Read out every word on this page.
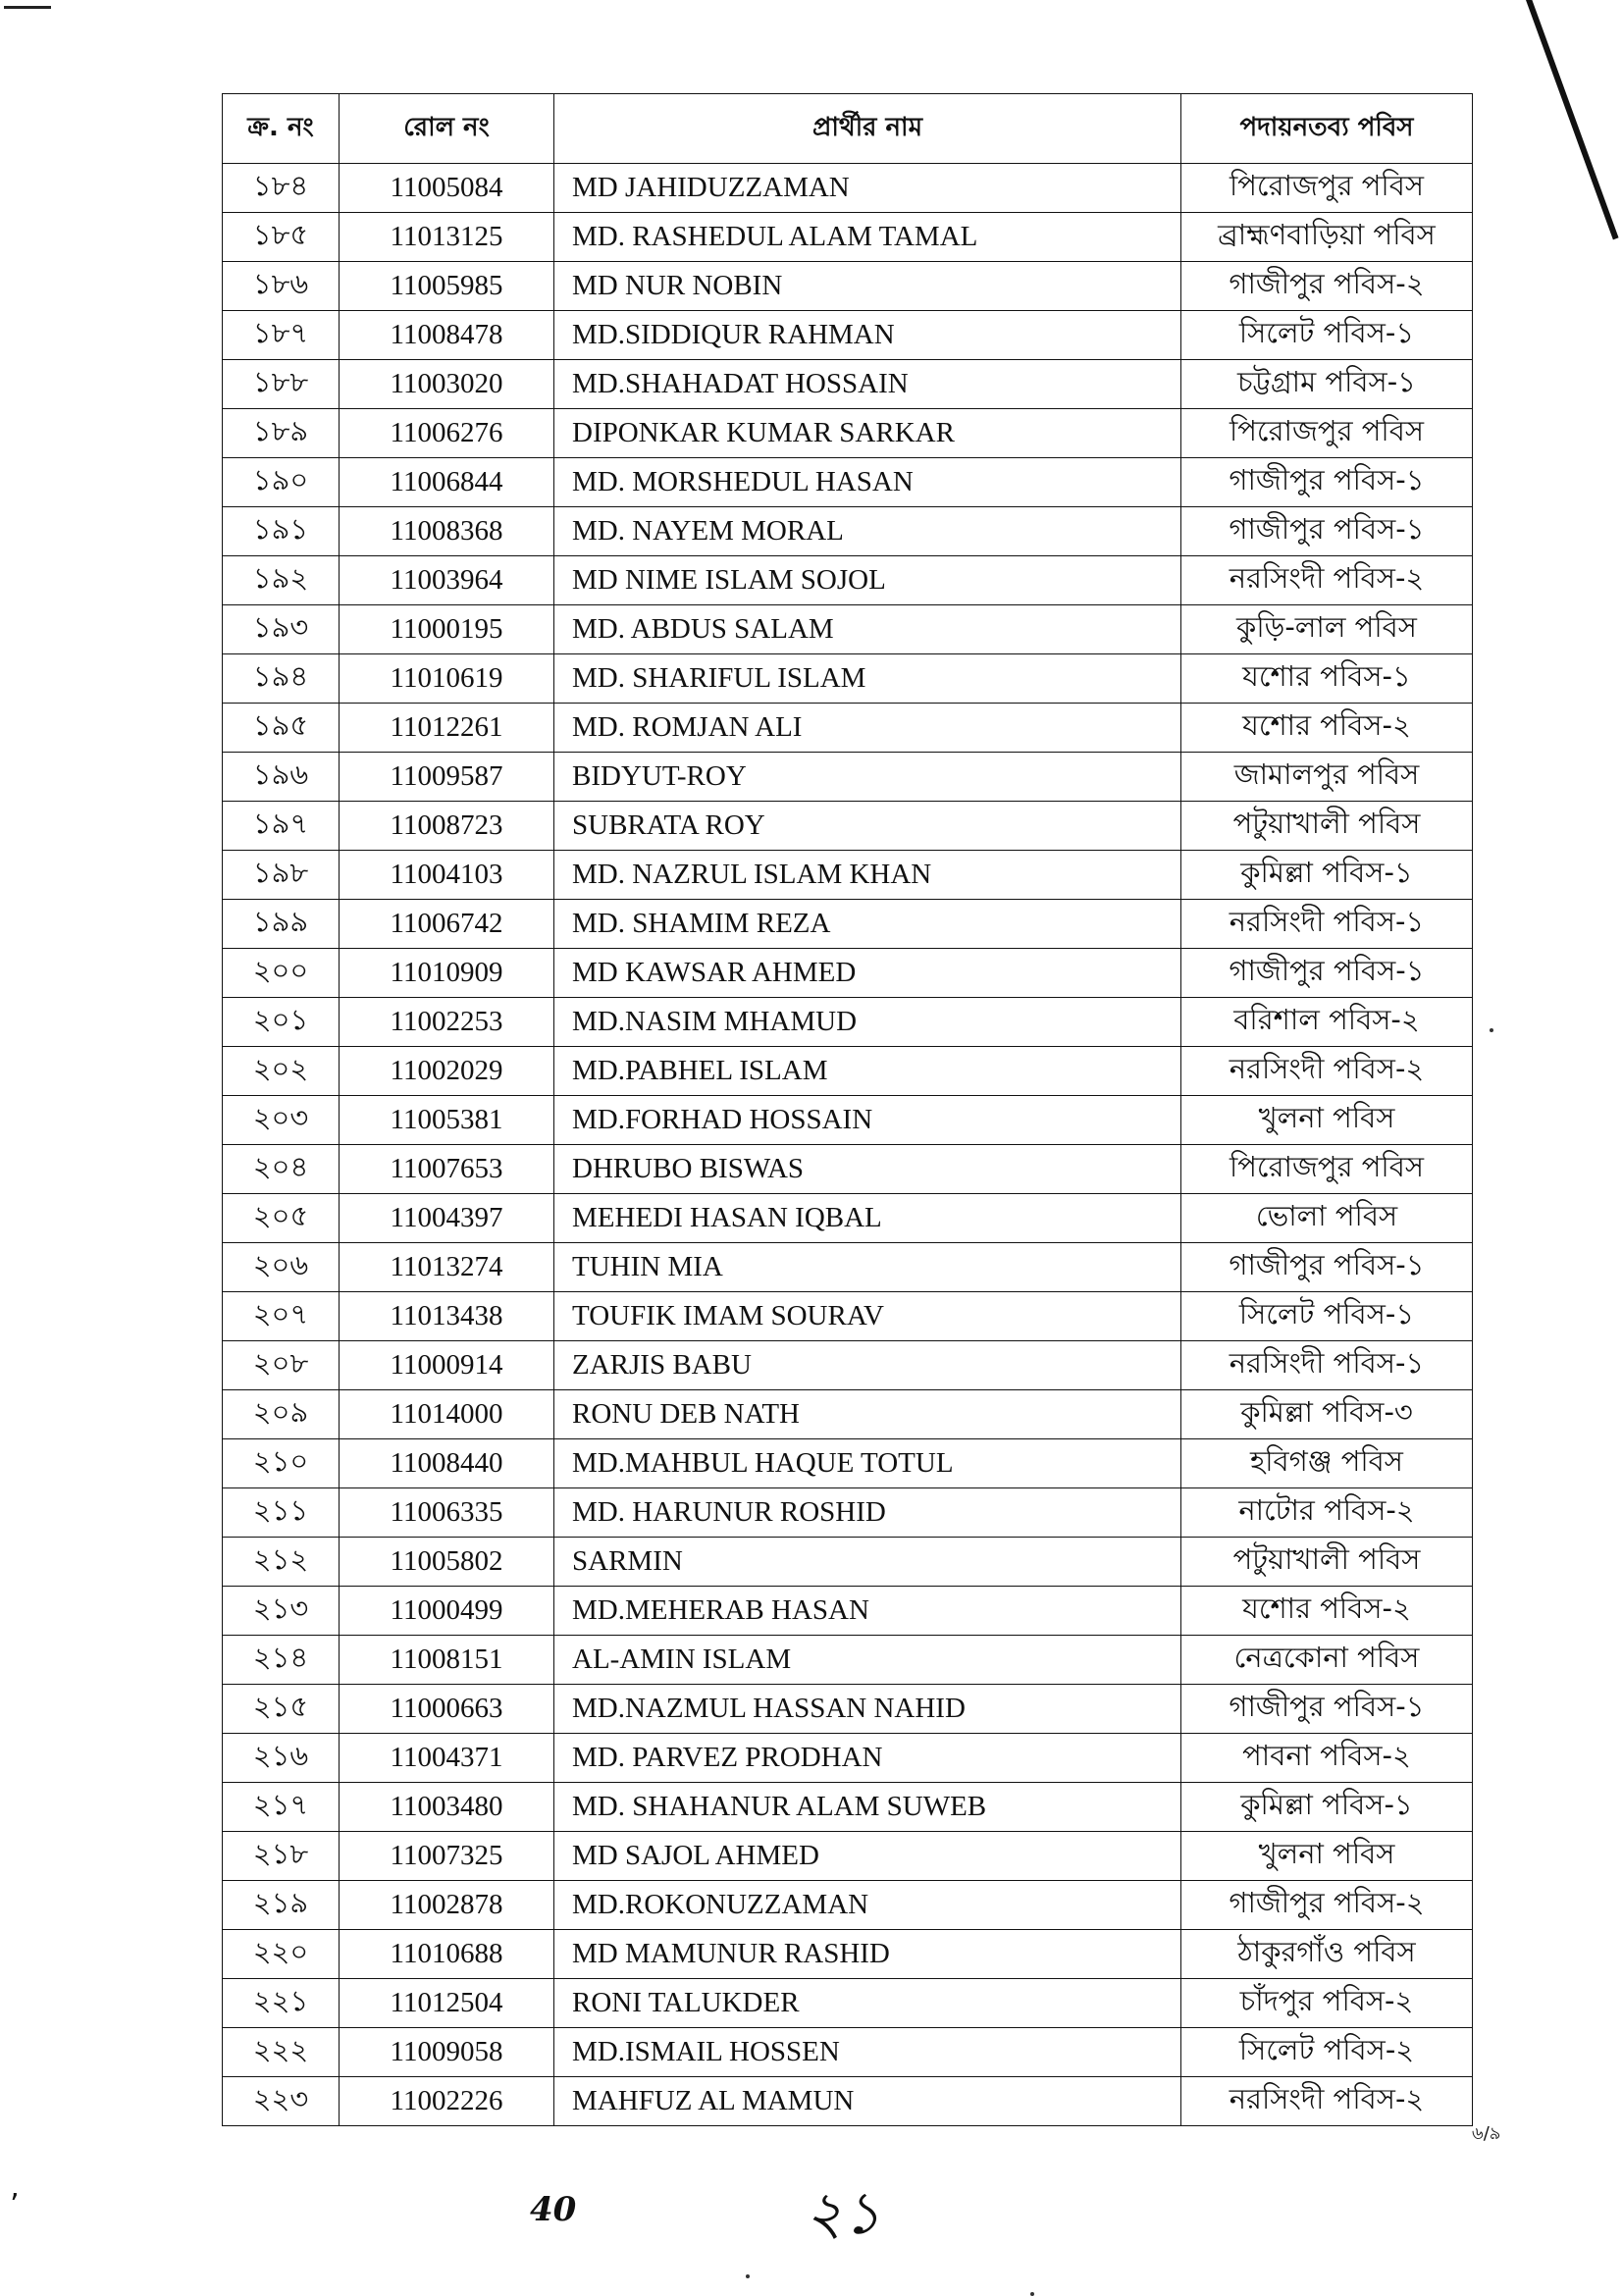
ক্র. নং	রোল নং	প্রার্থীর নাম	পদায়নতব্য পবিস
১৮৪	11005084	MD JAHIDUZZAMAN	পিরোজপুর পবিস
১৮৫	11013125	MD. RASHEDUL ALAM TAMAL	ব্রাহ্মণবাড়িয়া পবিস
১৮৬	11005985	MD NUR NOBIN	গাজীপুর পবিস-২
১৮৭	11008478	MD.SIDDIQUR RAHMAN	সিলেট পবিস-১
১৮৮	11003020	MD.SHAHADAT HOSSAIN	চট্টগ্রাম পবিস-১
১৮৯	11006276	DIPONKAR KUMAR SARKAR	পিরোজপুর পবিস
১৯০	11006844	MD. MORSHEDUL HASAN	গাজীপুর পবিস-১
১৯১	11008368	MD. NAYEM MORAL	গাজীপুর পবিস-১
১৯২	11003964	MD NIME ISLAM SOJOL	নরসিংদী পবিস-২
১৯৩	11000195	MD. ABDUS SALAM	কুড়ি-লাল পবিস
১৯৪	11010619	MD. SHARIFUL ISLAM	যশোর পবিস-১
১৯৫	11012261	MD. ROMJAN ALI	যশোর পবিস-২
১৯৬	11009587	BIDYUT-ROY	জামালপুর পবিস
১৯৭	11008723	SUBRATA ROY	পটুয়াখালী পবিস
১৯৮	11004103	MD. NAZRUL ISLAM KHAN	কুমিল্লা পবিস-১
১৯৯	11006742	MD. SHAMIM REZA	নরসিংদী পবিস-১
২০০	11010909	MD KAWSAR AHMED	গাজীপুর পবিস-১
২০১	11002253	MD.NASIM MHAMUD	বরিশাল পবিস-২
২০২	11002029	MD.PABHEL ISLAM	নরসিংদী পবিস-২
২০৩	11005381	MD.FORHAD HOSSAIN	খুলনা পবিস
২০৪	11007653	DHRUBO BISWAS	পিরোজপুর পবিস
২০৫	11004397	MEHEDI HASAN IQBAL	ভোলা পবিস
২০৬	11013274	TUHIN MIA	গাজীপুর পবিস-১
২০৭	11013438	TOUFIK IMAM SOURAV	সিলেট পবিস-১
২০৮	11000914	ZARJIS BABU	নরসিংদী পবিস-১
২০৯	11014000	RONU DEB NATH	কুমিল্লা পবিস-৩
২১০	11008440	MD.MAHBUL HAQUE TOTUL	হবিগঞ্জ পবিস
২১১	11006335	MD. HARUNUR ROSHID	নাটোর পবিস-২
২১২	11005802	SARMIN	পটুয়াখালী পবিস
২১৩	11000499	MD.MEHERAB HASAN	যশোর পবিস-২
২১৪	11008151	AL-AMIN ISLAM	নেত্রকোনা পবিস
২১৫	11000663	MD.NAZMUL HASSAN NAHID	গাজীপুর পবিস-১
২১৬	11004371	MD. PARVEZ PRODHAN	পাবনা পবিস-২
২১৭	11003480	MD. SHAHANUR ALAM SUWEB	কুমিল্লা পবিস-১
২১৮	11007325	MD SAJOL AHMED	খুলনা পবিস
২১৯	11002878	MD.ROKONUZZAMAN	গাজীপুর পবিস-২
২২০	11010688	MD MAMUNUR RASHID	ঠাকুরগাঁও পবিস
২২১	11012504	RONI TALUKDER	চাঁদপুর পবিস-২
২২২	11009058	MD.ISMAIL HOSSEN	সিলেট পবিস-২
২২৩	11002226	MAHFUZ AL MAMUN	নরসিংদী পবিস-২
৬/৯
২১
40
’
